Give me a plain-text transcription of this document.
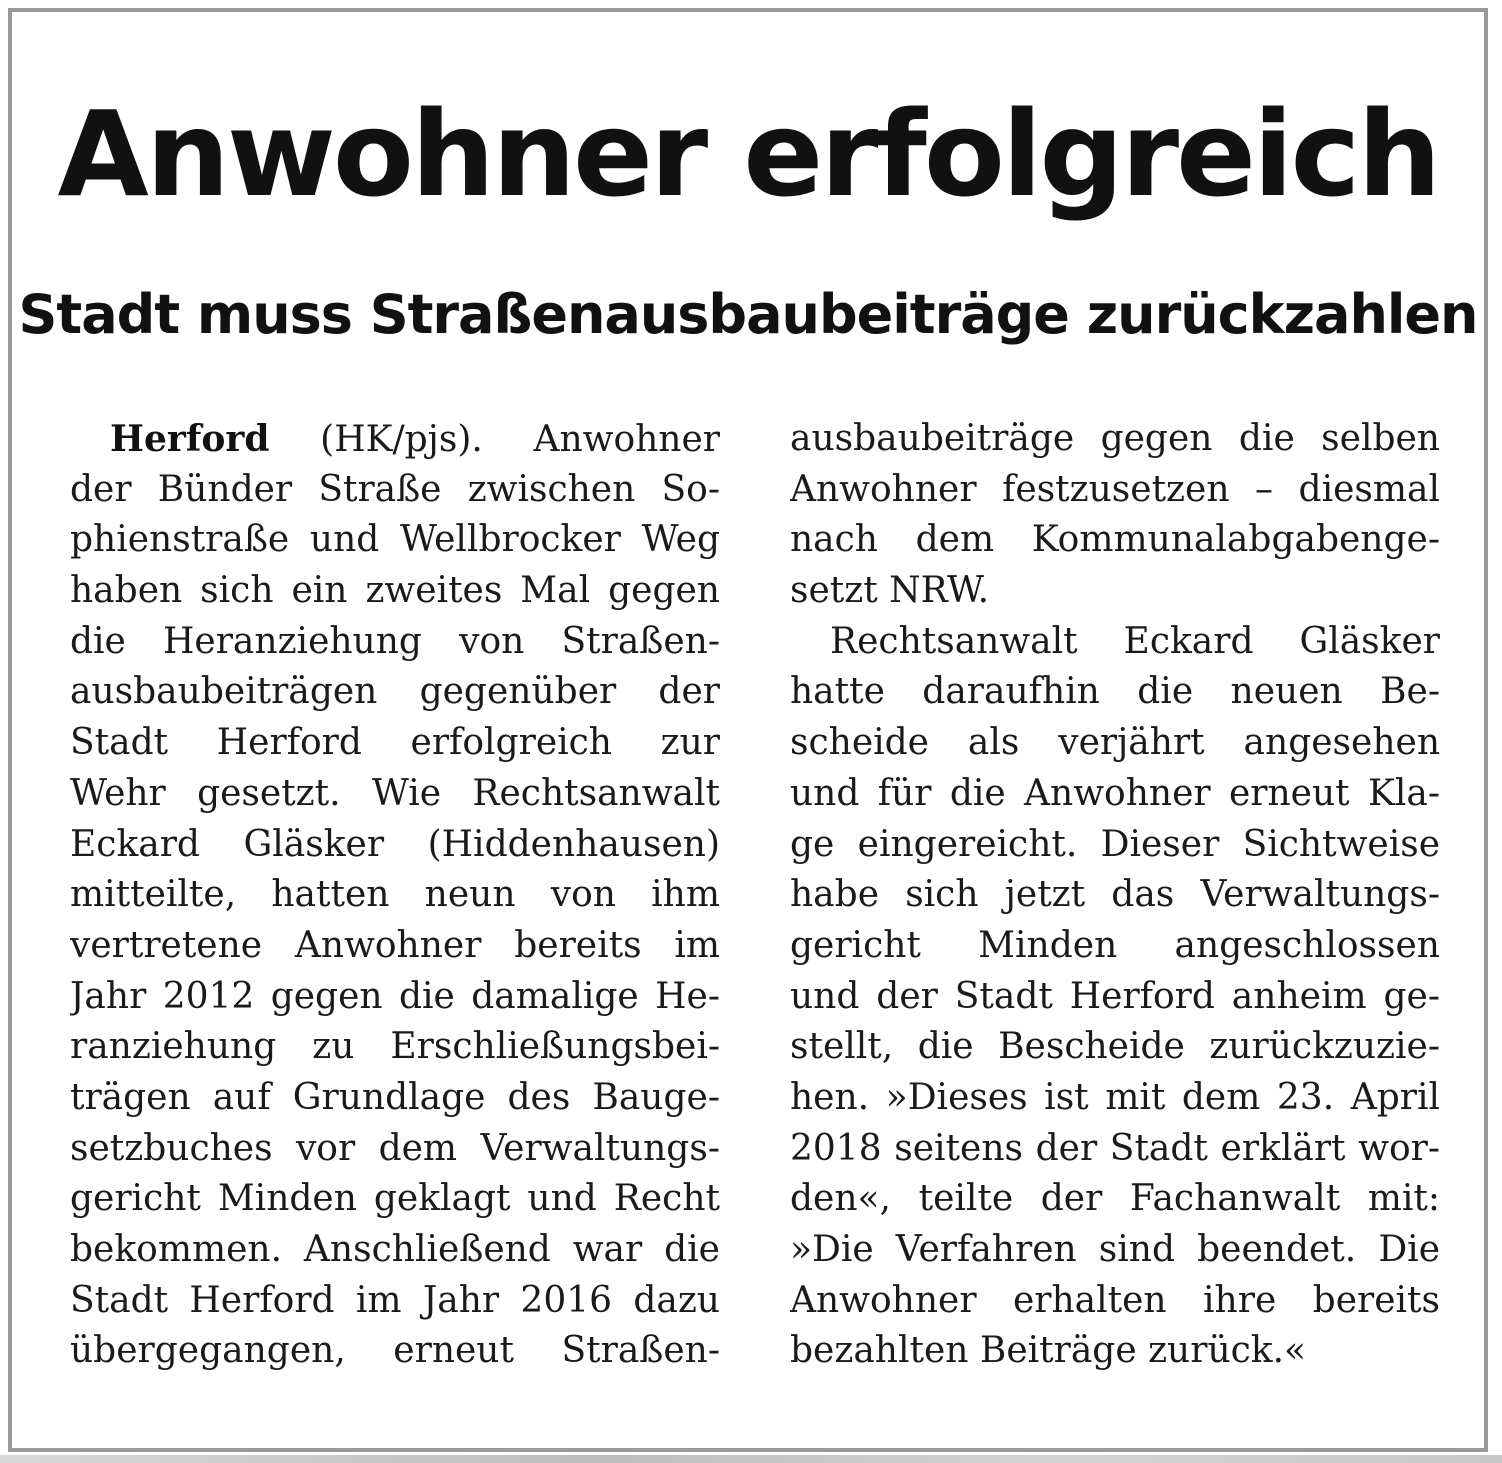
Anwohner erfolgreich
Stadt muss Straßenausbaubeiträge zurückzahlen
Herford (HK/pjs). Anwohner
der Bünder Straße zwischen So-
phienstraße und Wellbrocker Weg
haben sich ein zweites Mal gegen
die Heranziehung von Straßen-
ausbaubeiträgen gegenüber der
Stadt Herford erfolgreich zur
Wehr gesetzt. Wie Rechtsanwalt
Eckard Gläsker (Hiddenhausen)
mitteilte, hatten neun von ihm
vertretene Anwohner bereits im
Jahr 2012 gegen die damalige He-
ranziehung zu Erschließungsbei-
trägen auf Grundlage des Bauge-
setzbuches vor dem Verwaltungs-
gericht Minden geklagt und Recht
bekommen. Anschließend war die
Stadt Herford im Jahr 2016 dazu
übergegangen, erneut Straßen-
ausbaubeiträge gegen die selben
Anwohner festzusetzen – diesmal
nach dem Kommunalabgabenge-
setzt NRW.
Rechtsanwalt Eckard Gläsker
hatte daraufhin die neuen Be-
scheide als verjährt angesehen
und für die Anwohner erneut Kla-
ge eingereicht. Dieser Sichtweise
habe sich jetzt das Verwaltungs-
gericht Minden angeschlossen
und der Stadt Herford anheim ge-
stellt, die Bescheide zurückzuzie-
hen. »Dieses ist mit dem 23. April
2018 seitens der Stadt erklärt wor-
den«, teilte der Fachanwalt mit:
»Die Verfahren sind beendet. Die
Anwohner erhalten ihre bereits
bezahlten Beiträge zurück.«
